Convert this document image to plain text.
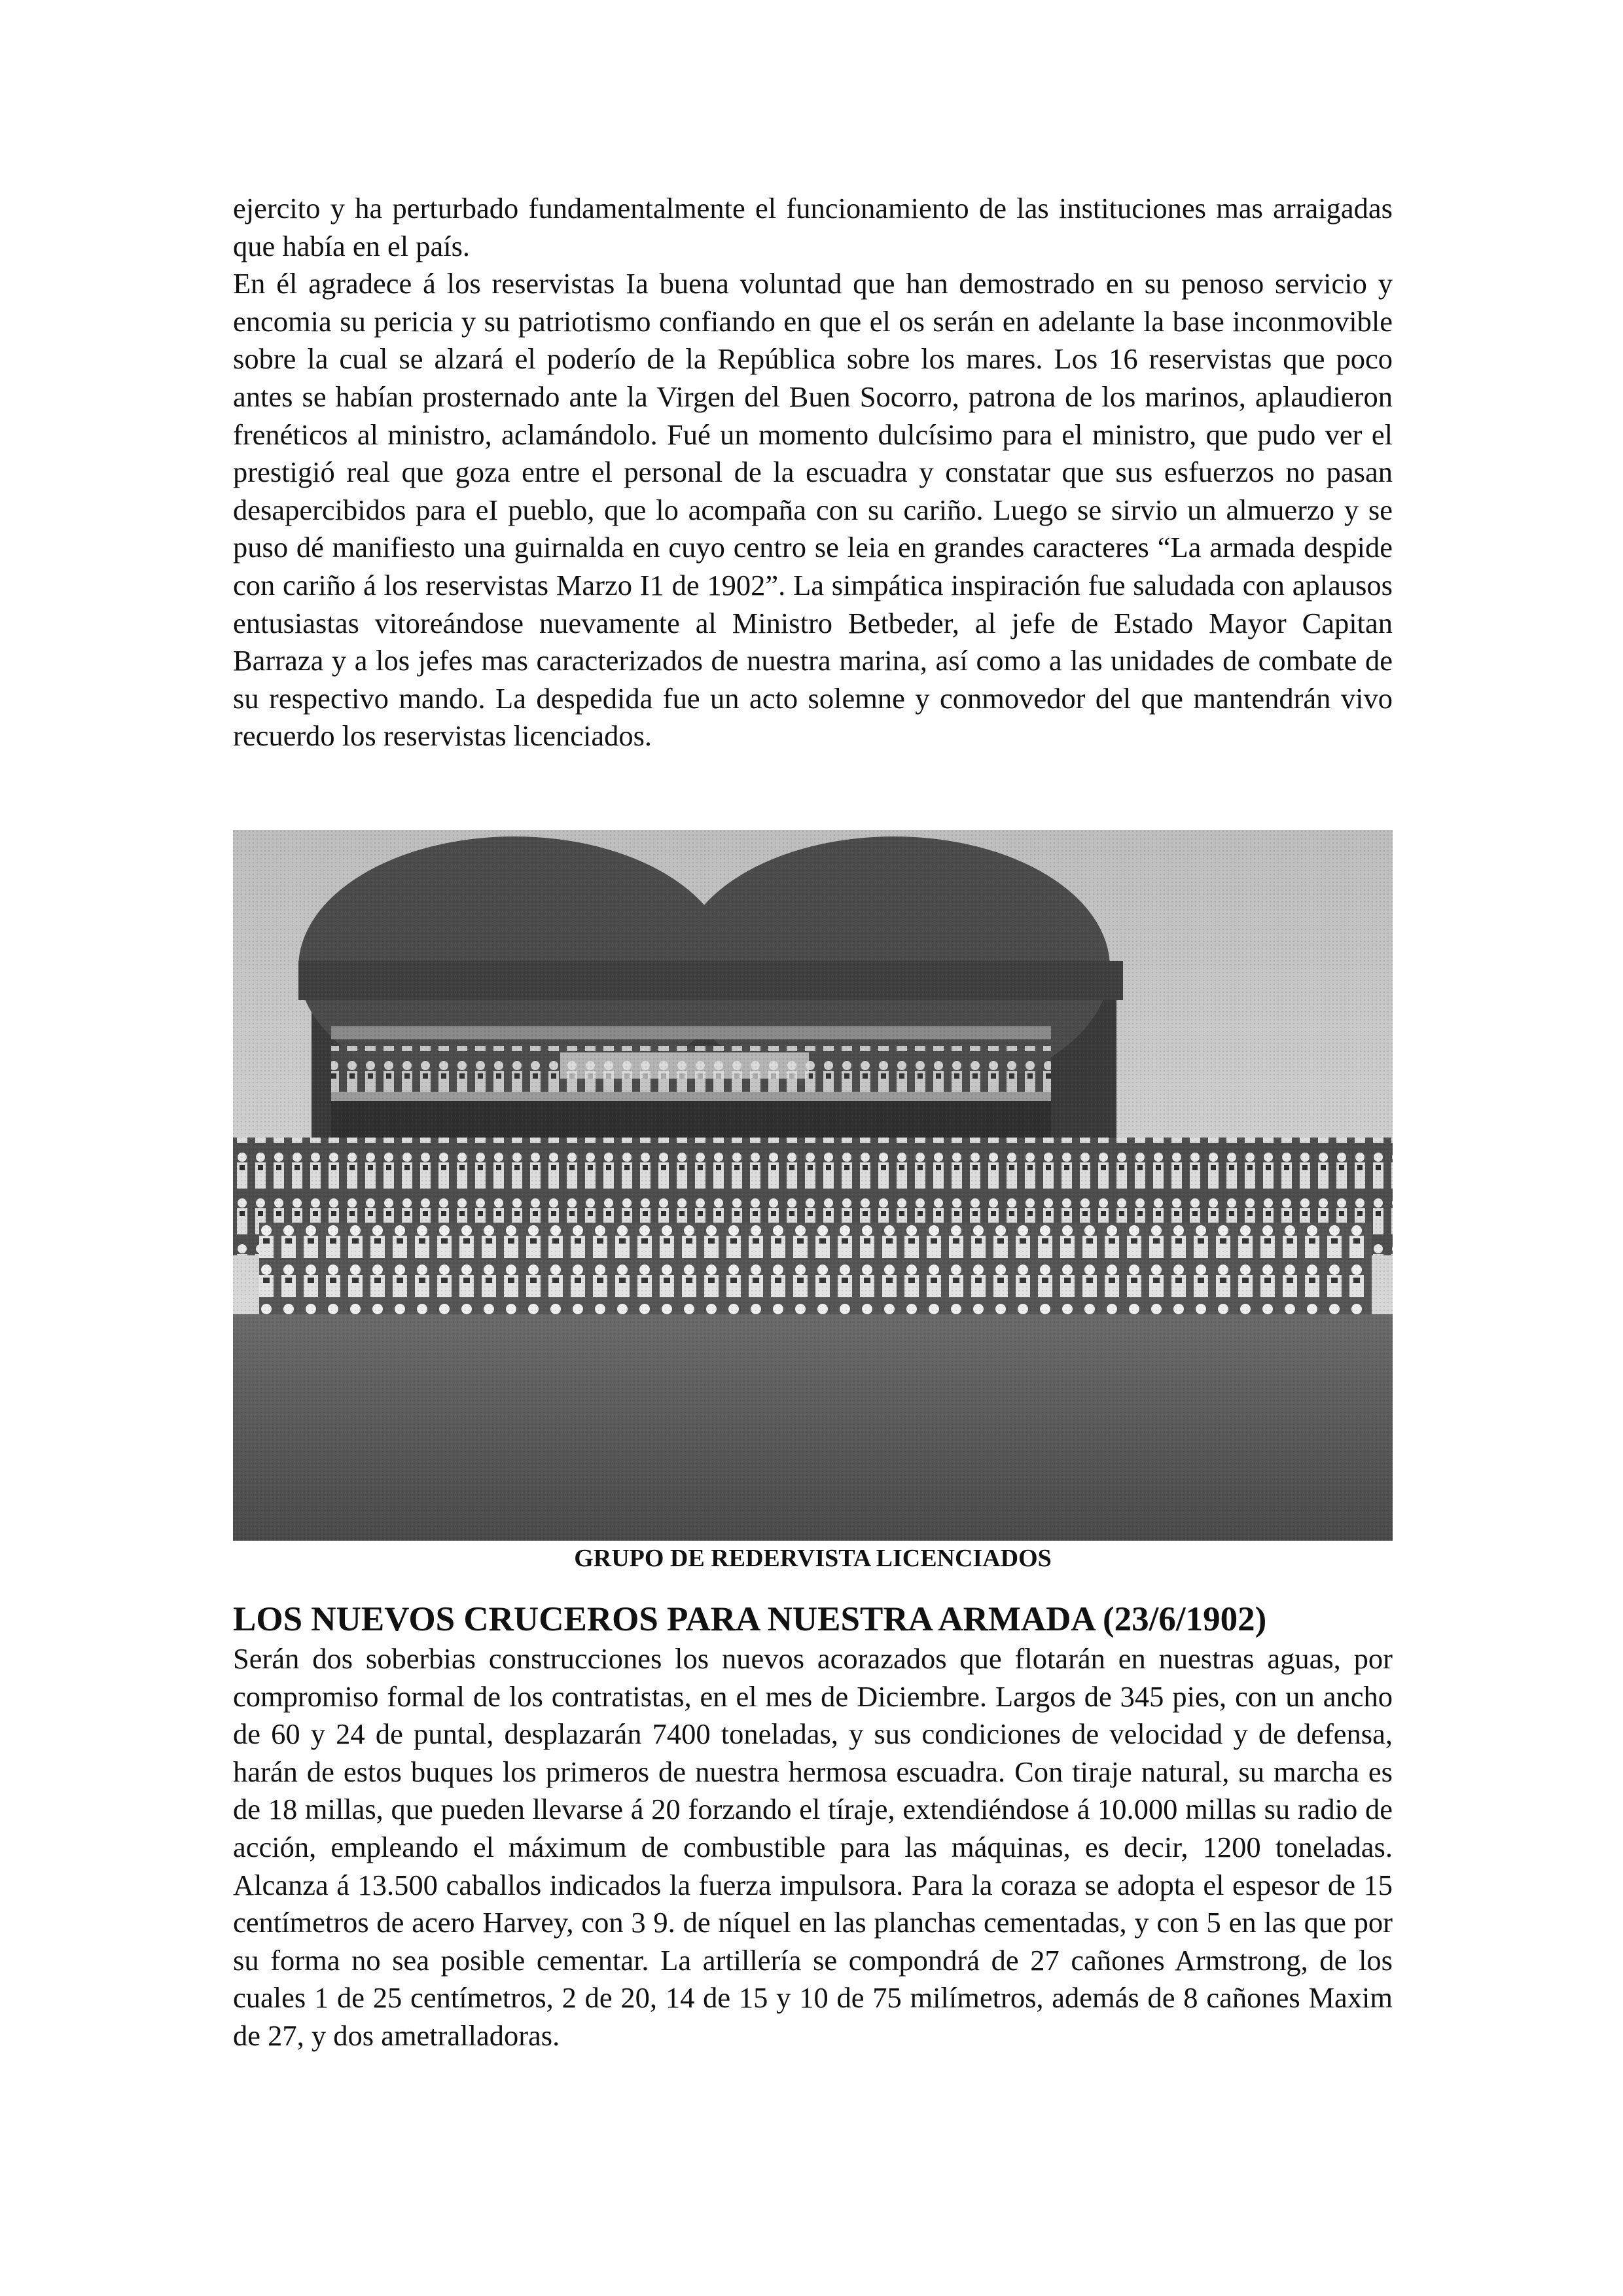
ejercito y ha perturbado fundamentalmente el funcionamiento de las instituciones mas arraigadas que había en el país.

En él agradece á los reservistas Ia buena voluntad que han demostrado en su penoso servicio y encomia su pericia y su patriotismo confiando en que el os serán en adelante la base inconmovible sobre la cual se alzará el poderío de la República sobre los mares. Los 16 reservistas que poco antes se habían prosternado ante la Virgen del Buen Socorro, patrona de los marinos, aplaudieron frenéticos al ministro, aclamándolo. Fué un momento dulcísimo para el ministro, que pudo ver el prestigió real que goza entre el personal de la escuadra y constatar que sus esfuerzos no pasan desapercibidos para eI pueblo, que lo acompaña con su cariño. Luego se sirvio un almuerzo y se puso dé manifiesto una guirnalda en cuyo centro se leia en grandes caracteres “La armada despide con cariño á los reservistas Marzo I1 de 1902”. La simpática inspiración fue saludada con aplausos entusiastas vitoreándose nuevamente al Ministro Betbeder, al jefe de Estado Mayor Capitan Barraza y a los jefes mas caracterizados de nuestra marina, así como a las unidades de combate de su respectivo mando. La despedida fue un acto solemne y conmovedor del que mantendrán vivo recuerdo los reservistas licenciados.

GRUPO DE REDERVISTA LICENCIADOS
LOS NUEVOS CRUCEROS PARA NUESTRA ARMADA (23/6/1902)

Serán dos soberbias construcciones los nuevos acorazados que flotarán en nuestras aguas, por compromiso formal de los contratistas, en el mes de Diciembre. Largos de 345 pies, con un ancho de 60 y 24 de puntal, desplazarán 7400 toneladas, y sus condiciones de velocidad y de defensa, harán de estos buques los primeros de nuestra hermosa escuadra. Con tiraje natural, su marcha es de 18 millas, que pueden llevarse á 20 forzando el tíraje, extendiéndose á 10.000 millas su radio de acción, empleando el máximum de combustible para las máquinas, es decir, 1200 toneladas. Alcanza á 13.500 caballos indicados la fuerza impulsora. Para la coraza se adopta el espesor de 15 centímetros de acero Harvey, con 3 9. de níquel en las planchas cementadas, y con 5 en las que por su forma no sea posible cementar. La artillería se compondrá de 27 cañones Armstrong, de los cuales 1 de 25 centímetros, 2 de 20, 14 de 15 y 10 de 75 milímetros, además de 8 cañones Maxim de 27, y dos ametralladoras.
